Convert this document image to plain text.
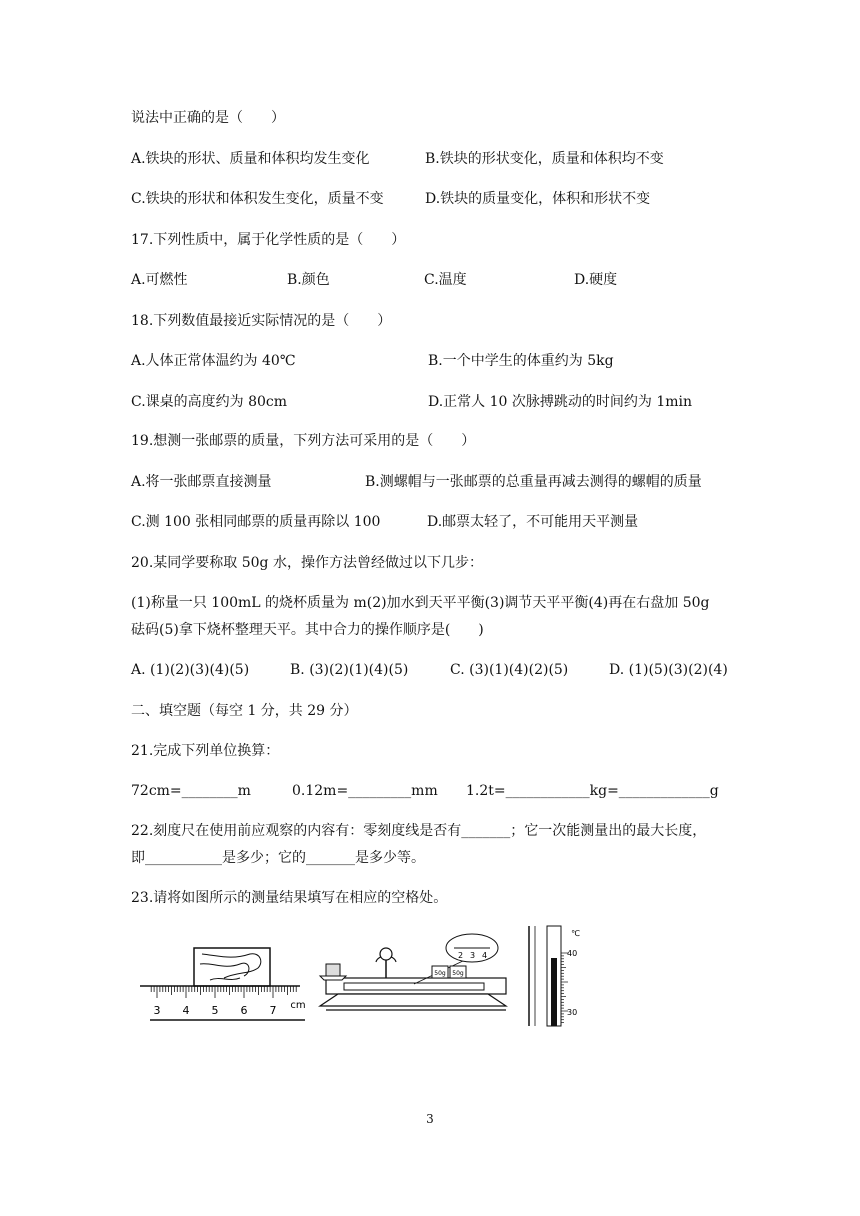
说法中正确的是（　　）
A.铁块的形状、质量和体积均发生变化	B.铁块的形状变化，质量和体积均不变
C.铁块的形状和体积发生变化，质量不变	D.铁块的质量变化，体积和形状不变
17.下列性质中，属于化学性质的是（　　）
A.可燃性	B.颜色	C.温度	D.硬度
18.下列数值最接近实际情况的是（　　）
A.人体正常体温约为 40℃	B.一个中学生的体重约为 5kg
C.课桌的高度约为 80cm	D.正常人 10 次脉搏跳动的时间约为 1min
19.想测一张邮票的质量，下列方法可采用的是（　　）
A.将一张邮票直接测量	B.测螺帽与一张邮票的总重量再减去测得的螺帽的质量
C.测 100 张相同邮票的质量再除以 100	D.邮票太轻了，不可能用天平测量
20.某同学要称取 50g 水，操作方法曾经做过以下几步：
(1)称量一只 100mL 的烧杯质量为 m(2)加水到天平平衡(3)调节天平平衡(4)再在右盘加 50g
砝码(5)拿下烧杯整理天平。其中合力的操作顺序是(　　)
A. (1)(2)(3)(4)(5)	B. (3)(2)(1)(4)(5)	C. (3)(1)(4)(2)(5)	D. (1)(5)(3)(2)(4)
二、填空题（每空 1 分，共 29 分）
21.完成下列单位换算：
72cm=________m	0.12m=_________mm 1.2t=____________kg=_____________g
22.刻度尺在使用前应观察的内容有：零刻度线是否有_______；它一次能测量出的最大长度，
即___________是多少；它的_______是多少等。
23.请将如图所示的测量结果填写在相应的空格处。
3 4 5 6 7 cm
2 3 4
50g 50g
℃
40
30
3
